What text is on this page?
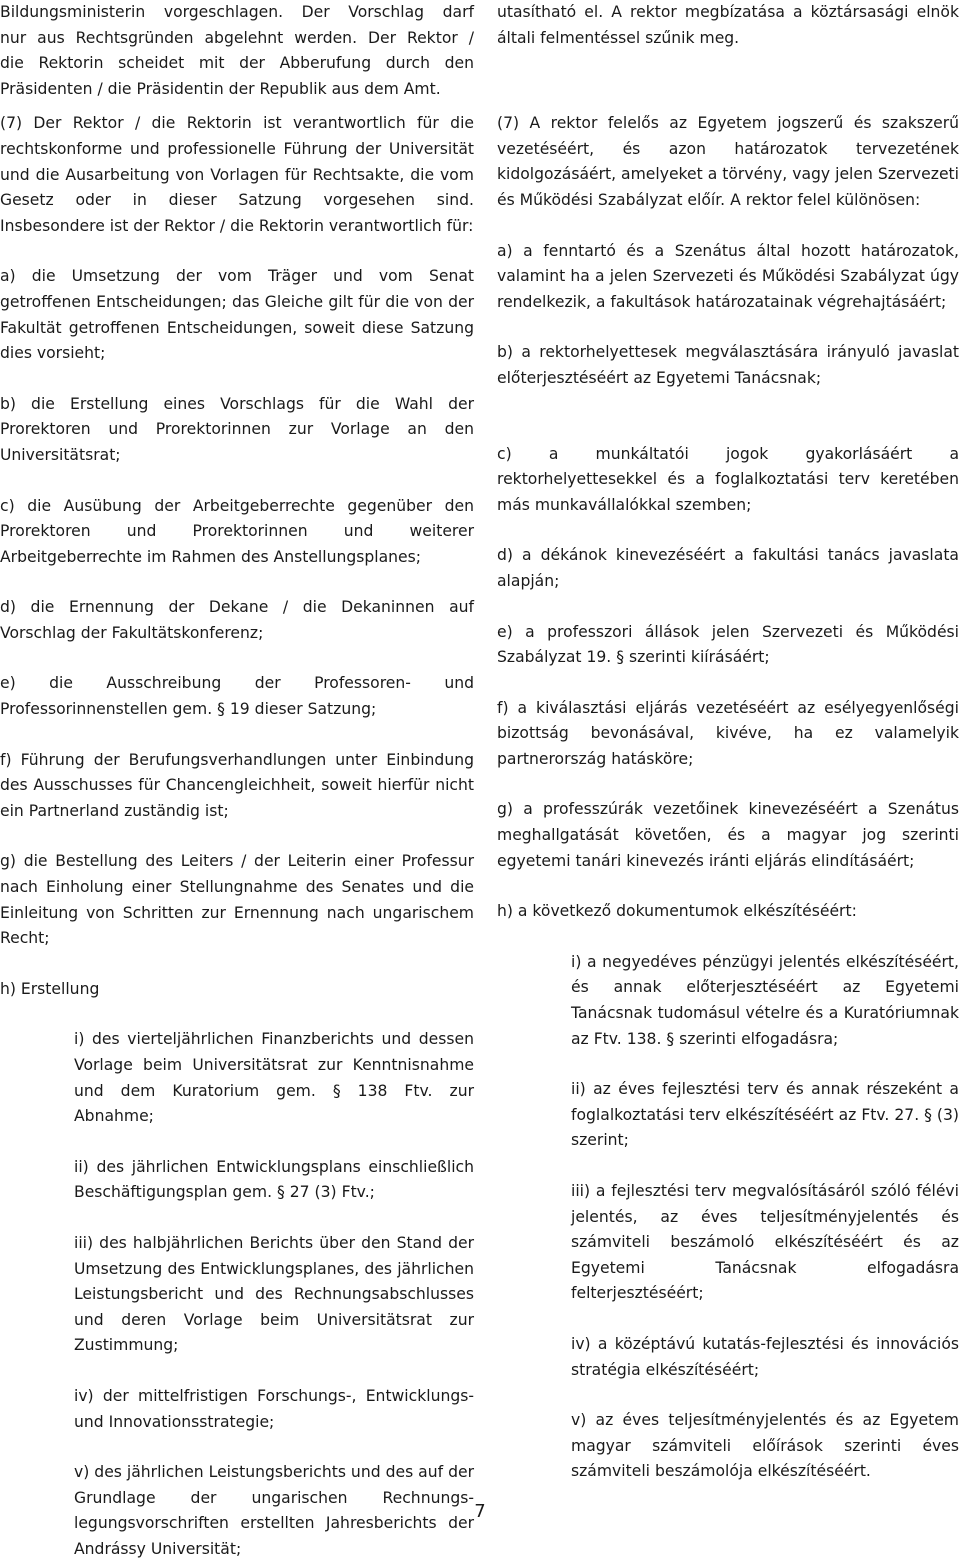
Bildungsministerin vorgeschlagen. Der Vorschlag darf

nur aus Rechtsgründen abgelehnt werden. Der Rektor /

die Rektorin scheidet mit der Abberufung durch den

Präsidenten / die Präsidentin der Republik aus dem Amt.

(7) Der Rektor / die Rektorin ist verantwortlich für die rechtskonforme und professionelle Führung der Universität und die Ausarbeitung von Vorlagen für Rechtsakte, die vom Gesetz oder in dieser Satzung vorgesehen sind. Insbesondere ist der Rektor / die Rektorin verantwortlich für:

a) die Umsetzung der vom Träger und vom Senat getroffenen Entscheidungen; das Gleiche gilt für die von der Fakultät getroffenen Entscheidungen, soweit diese Satzung dies vorsieht;

b) die Erstellung eines Vorschlags für die Wahl der Prorektoren und Prorektorinnen zur Vorlage an den Universitätsrat;

c) die Ausübung der Arbeitgeberrechte gegenüber den Prorektoren und Prorektorinnen und weiterer Arbeitgeberrechte im Rahmen des Anstellungsplanes;

d) die Ernennung der Dekane / die Dekaninnen auf Vorschlag der Fakultätskonferenz;

e) die Ausschreibung der Professoren- und Professorinnenstellen gem. § 19 dieser Satzung;

f) Führung der Berufungsverhandlungen unter Einbindung des Ausschusses für Chancengleichheit, soweit hierfür nicht ein Partnerland zuständig ist;

g) die Bestellung des Leiters / der Leiterin einer Professur nach Einholung einer Stellungnahme des Senates und die Einleitung von Schritten zur Ernennung nach ungarischem Recht;

h) Erstellung

i) des vierteljährlichen Finanzberichts und dessen Vorlage beim Universitätsrat zur Kenntnisnahme und dem Kuratorium gem. § 138 Ftv. zur Abnahme;

ii) des jährlichen Entwicklungsplans einschließlich Beschäftigungsplan gem. § 27 (3) Ftv.;

iii) des halbjährlichen Berichts über den Stand der Umsetzung des Entwicklungsplanes, des jährlichen Leistungsbericht und des Rechnungsabschlusses und deren Vorlage beim Universitätsrat zur Zustimmung;

iv) der mittelfristigen Forschungs-, Entwicklungs- und Innovationsstrategie;

v) des jährlichen Leistungsberichts und des auf der Grundlage der ungarischen Rechnungs-legungsvorschriften erstellten Jahresberichts der Andrássy Universität;

utasítható el. A rektor megbízatása a köztársasági elnök általi felmentéssel szűnik meg.

(7) A rektor felelős az Egyetem jogszerű és szakszerű vezetéséért, és azon határozatok tervezetének kidolgozásáért, amelyeket a törvény, vagy jelen Szervezeti és Működési Szabályzat előír. A rektor felel különösen:

a) a fenntartó és a Szenátus által hozott határozatok, valamint ha a jelen Szervezeti és Működési Szabályzat úgy rendelkezik, a fakultások határozatainak végrehajtásáért;

b) a rektorhelyettesek megválasztására irányuló javaslat előterjesztéséért az Egyetemi Tanácsnak;

c) a munkáltatói jogok gyakorlásáért a rektorhelyettesekkel és a foglalkoztatási terv keretében más munkavállalókkal szemben;

d) a dékánok kinevezéséért a fakultási tanács javaslata alapján;

e) a professzori állások jelen Szervezeti és Működési Szabályzat 19. § szerinti kiírásáért;

f) a kiválasztási eljárás vezetéséért az esélyegyenlőségi bizottság bevonásával, kivéve, ha ez valamelyik partnerország hatásköre;

g) a professzúrák vezetőinek kinevezéséért a Szenátus meghallgatását követően, és a magyar jog szerinti egyetemi tanári kinevezés iránti eljárás elindításáért;

h) a következő dokumentumok elkészítéséért:

i) a negyedéves pénzügyi jelentés elkészítéséért, és annak előterjesztéséért az Egyetemi Tanácsnak tudomásul vételre és a Kuratóriumnak az Ftv. 138. § szerinti elfogadásra;

ii) az éves fejlesztési terv és annak részeként a foglalkoztatási terv elkészítéséért az Ftv. 27. § (3) szerint;

iii) a fejlesztési terv megvalósításáról szóló félévi jelentés, az éves teljesítményjelentés és számviteli beszámoló elkészítéséért és az Egyetemi Tanácsnak elfogadásra felterjesztéséért;

iv) a középtávú kutatás-fejlesztési és innovációs stratégia elkészítéséért;

v) az éves teljesítményjelentés és az Egyetem magyar számviteli előírások szerinti éves számviteli beszámolója elkészítéséért.

7
